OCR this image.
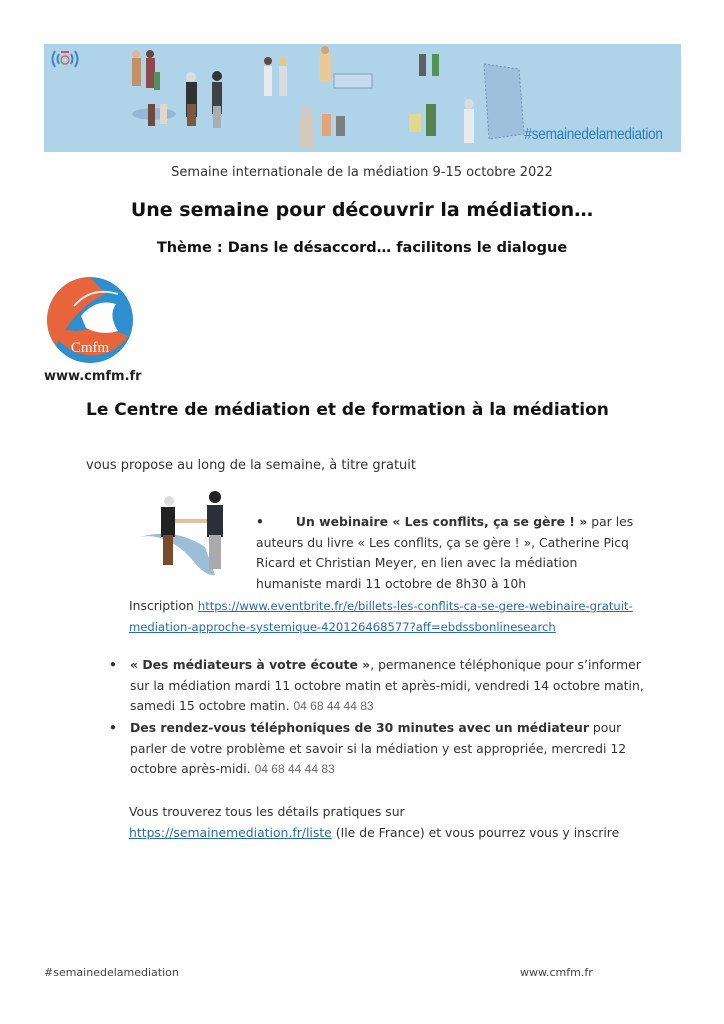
#semainedelamediation
Semaine internationale de la médiation 9-15 octobre 2022
Une semaine pour découvrir la médiation…
Thème : Dans le désaccord… facilitons le dialogue
Cmfm
www.cmfm.fr
Le Centre de médiation et de formation à la médiation
vous propose au long de la semaine, à titre gratuit
•	Un webinaire « Les conflits, ça se gère ! » par les auteurs du livre « Les conflits, ça se gère ! », Catherine Picq Ricard et Christian Meyer, en lien avec la médiation humaniste mardi 11 octobre de 8h30 à 10h
Inscription https://www.eventbrite.fr/e/billets-les-conflits-ca-se-gere-webinaire-gratuit-mediation-approche-systemique-420126468577?aff=ebdssbonlinesearch
• « Des médiateurs à votre écoute », permanence téléphonique pour s’informer sur la médiation mardi 11 octobre matin et après-midi, vendredi 14 octobre matin, samedi 15 octobre matin. 04 68 44 44 83
• Des rendez-vous téléphoniques de 30 minutes avec un médiateur pour parler de votre problème et savoir si la médiation y est appropriée, mercredi 12 octobre après-midi. 04 68 44 44 83
Vous trouverez tous les détails pratiques sur
https://semainemediation.fr/liste (Ile de France) et vous pourrez vous y inscrire
#semainedelamediation	www.cmfm.fr
